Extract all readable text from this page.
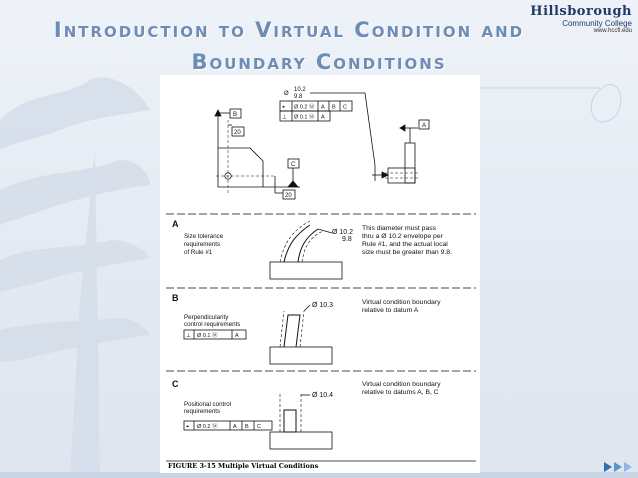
Introduction to Virtual Condition and
Boundary Conditions
Hillsborough
Community College
www.hccfl.edu
10.2
9.8
Ø
⌖ Ø 0.2 Ⓜ A B C
⊥ Ø 0.1 Ⓜ A
B
20
C
20
A
A
Size tolerance
requirements
of Rule #1
Ø 10.2
9.8
This diameter must pass
thru a Ø 10.2 envelope per
Rule #1, and the actual local
size must be greater than 9.8.
B
Perpendicularity
control requirements
⊥ Ø 0.1 Ⓜ	A
Ø 10.3	Virtual condition boundary
relative to datum A
C
Positional control
requirements
⌖ Ø 0.2 Ⓜ	A B C
Ø 10.4
Virtual condition boundary
relative to datums A, B, C
FIGURE 3-15 Multiple Virtual Conditions
